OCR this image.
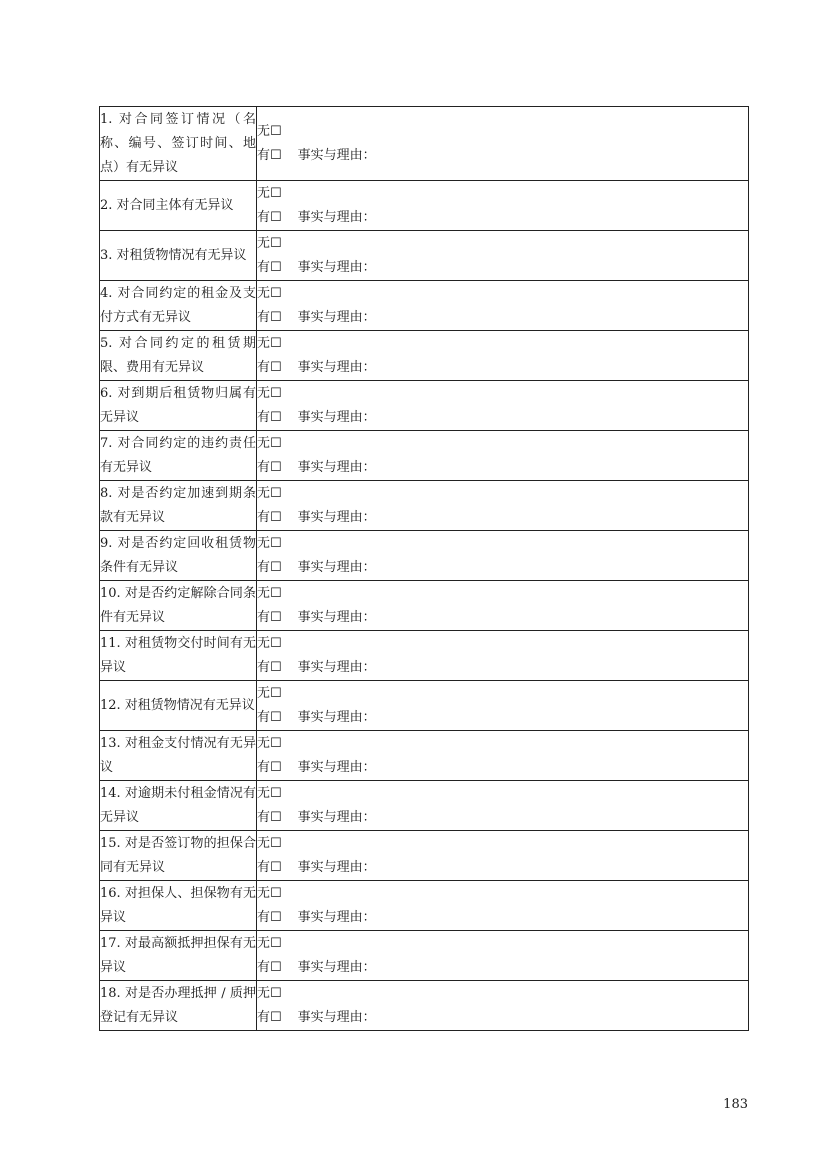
1. 对合同签订情况（名称、编号、签订时间、地点）有无异议	无☐
有☐ 事实与理由：

2. 对合同主体有无异议	无☐
有☐ 事实与理由：

3. 对租赁物情况有无异议	无☐
有☐ 事实与理由：

4. 对合同约定的租金及支付方式有无异议	无☐
有☐ 事实与理由：

5. 对合同约定的租赁期限、费用有无异议	无☐
有☐ 事实与理由：

6. 对到期后租赁物归属有无异议	无☐
有☐ 事实与理由：

7. 对合同约定的违约责任有无异议	无☐
有☐ 事实与理由：

8. 对是否约定加速到期条款有无异议	无☐
有☐ 事实与理由：

9. 对是否约定回收租赁物条件有无异议	无☐
有☐ 事实与理由：

10. 对是否约定解除合同条件有无异议	无☐
有☐ 事实与理由：

11. 对租赁物交付时间有无异议	无☐
有☐ 事实与理由：

12. 对租赁物情况有无异议	无☐
有☐ 事实与理由：

13. 对租金支付情况有无异议	无☐
有☐ 事实与理由：

14. 对逾期未付租金情况有无异议	无☐
有☐ 事实与理由：

15. 对是否签订物的担保合同有无异议	无☐
有☐ 事实与理由：

16. 对担保人、担保物有无异议	无☐
有☐ 事实与理由：

17. 对最高额抵押担保有无异议	无☐
有☐ 事实与理由：

18. 对是否办理抵押 / 质押登记有无异议	无☐
有☐ 事实与理由：
183
